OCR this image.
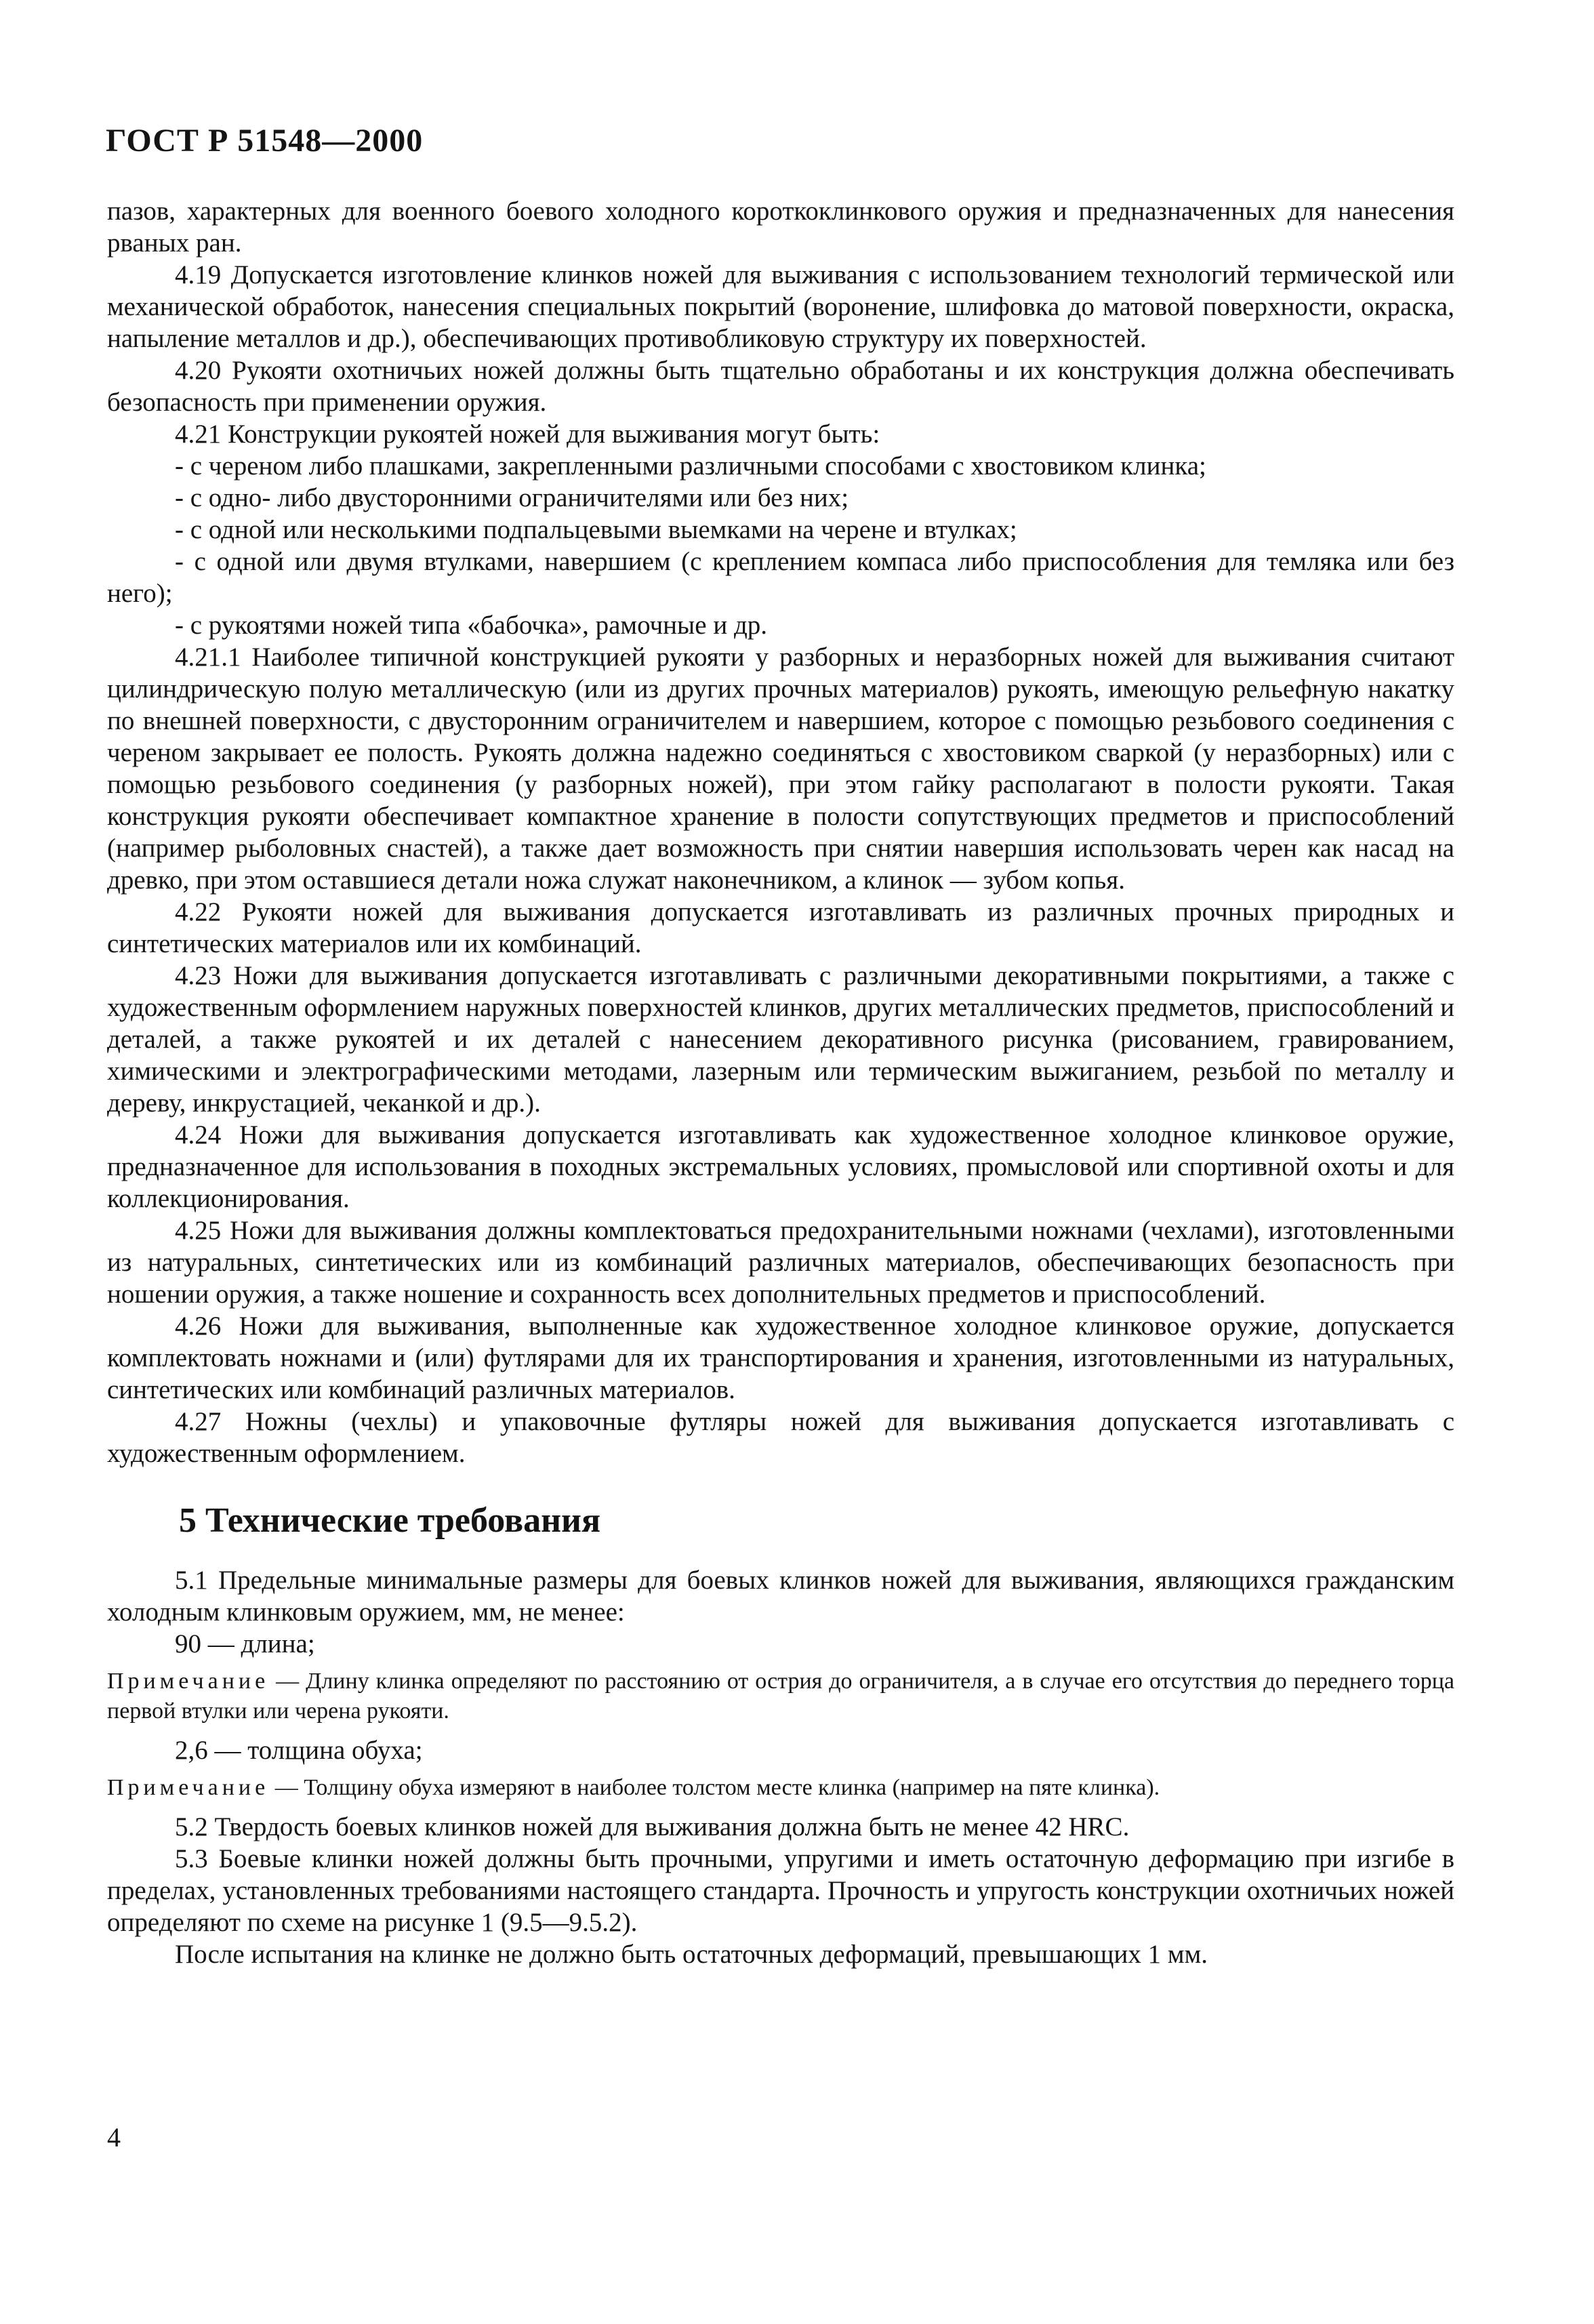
ГОСТ Р 51548—2000

пазов, характерных для военного боевого холодного короткоклинкового оружия и предназначенных для нанесения рваных ран.

4.19 Допускается изготовление клинков ножей для выживания с использованием технологий термической или механической обработок, нанесения специальных покрытий (воронение, шлифовка до матовой поверхности, окраска, напыление металлов и др.), обеспечивающих противобликовую структуру их поверхностей.

4.20 Рукояти охотничьих ножей должны быть тщательно обработаны и их конструкция должна обеспечивать безопасность при применении оружия.

4.21 Конструкции рукоятей ножей для выживания могут быть:

- с череном либо плашками, закрепленными различными способами с хвостовиком клинка;

- с одно- либо двусторонними ограничителями или без них;

- с одной или несколькими подпальцевыми выемками на черене и втулках;

- с одной или двумя втулками, навершием (с креплением компаса либо приспособления для темляка или без него);

- с рукоятями ножей типа «бабочка», рамочные и др.

4.21.1 Наиболее типичной конструкцией рукояти у разборных и неразборных ножей для выживания считают цилиндрическую полую металлическую (или из других прочных материалов) рукоять, имеющую рельефную накатку по внешней поверхности, с двусторонним ограничителем и навершием, которое с помощью резьбового соединения с череном закрывает ее полость. Рукоять должна надежно соединяться с хвостовиком сваркой (у неразборных) или с помощью резьбового соединения (у разборных ножей), при этом гайку располагают в полости рукояти. Такая конструкция рукояти обеспечивает компактное хранение в полости сопутствующих предметов и приспособлений (например рыболовных снастей), а также дает возможность при снятии навершия использовать черен как насад на древко, при этом оставшиеся детали ножа служат наконечником, а клинок — зубом копья.

4.22 Рукояти ножей для выживания допускается изготавливать из различных прочных природных и синтетических материалов или их комбинаций.

4.23 Ножи для выживания допускается изготавливать с различными декоративными покрытиями, а также с художественным оформлением наружных поверхностей клинков, других металлических предметов, приспособлений и деталей, а также рукоятей и их деталей с нанесением декоративного рисунка (рисованием, гравированием, химическими и электрографическими методами, лазерным или термическим выжиганием, резьбой по металлу и дереву, инкрустацией, чеканкой и др.).

4.24 Ножи для выживания допускается изготавливать как художественное холодное клинковое оружие, предназначенное для использования в походных экстремальных условиях, промысловой или спортивной охоты и для коллекционирования.

4.25 Ножи для выживания должны комплектоваться предохранительными ножнами (чехлами), изготовленными из натуральных, синтетических или из комбинаций различных материалов, обеспечивающих безопасность при ношении оружия, а также ношение и сохранность всех дополнительных предметов и приспособлений.

4.26 Ножи для выживания, выполненные как художественное холодное клинковое оружие, допускается комплектовать ножнами и (или) футлярами для их транспортирования и хранения, изготовленными из натуральных, синтетических или комбинаций различных материалов.

4.27 Ножны (чехлы) и упаковочные футляры ножей для выживания допускается изготавливать с художественным оформлением.

5 Технические требования

5.1 Предельные минимальные размеры для боевых клинков ножей для выживания, являющихся гражданским холодным клинковым оружием, мм, не менее:

90 — длина;

Примечание — Длину клинка определяют по расстоянию от острия до ограничителя, а в случае его отсутствия до переднего торца первой втулки или черена рукояти.

2,6 — толщина обуха;

Примечание — Толщину обуха измеряют в наиболее толстом месте клинка (например на пяте клинка).

5.2 Твердость боевых клинков ножей для выживания должна быть не менее 42 HRC.

5.3 Боевые клинки ножей должны быть прочными, упругими и иметь остаточную деформацию при изгибе в пределах, установленных требованиями настоящего стандарта. Прочность и упругость конструкции охотничьих ножей определяют по схеме на рисунке 1 (9.5—9.5.2).

После испытания на клинке не должно быть остаточных деформаций, превышающих 1 мм.

4
